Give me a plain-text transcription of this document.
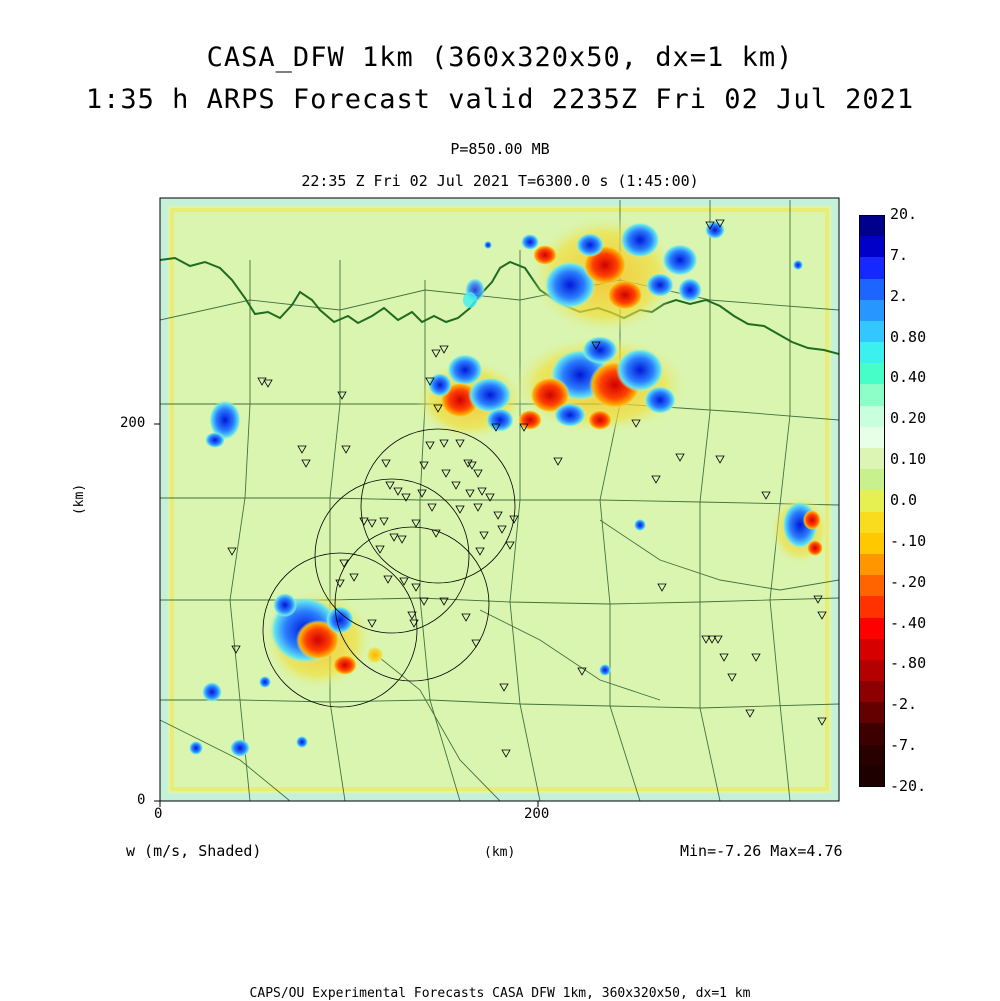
CASA_DFW 1km (360x320x50, dx=1 km)
1:35 h ARPS Forecast valid 2235Z Fri 02 Jul 2021
P=850.00 MB
22:35 Z Fri 02 Jul 2021 T=6300.0 s (1:45:00)
0	200
0
200
(km)
w (m/s, Shaded)	(km)	Min=-7.26 Max=4.76
CAPS/OU Experimental Forecasts CASA DFW 1km, 360x320x50, dx=1 km
20.
7.
2.
0.80
0.40
0.20
0.10
0.0
-.10
-.20
-.40
-.80
-2.
-7.
-20.
